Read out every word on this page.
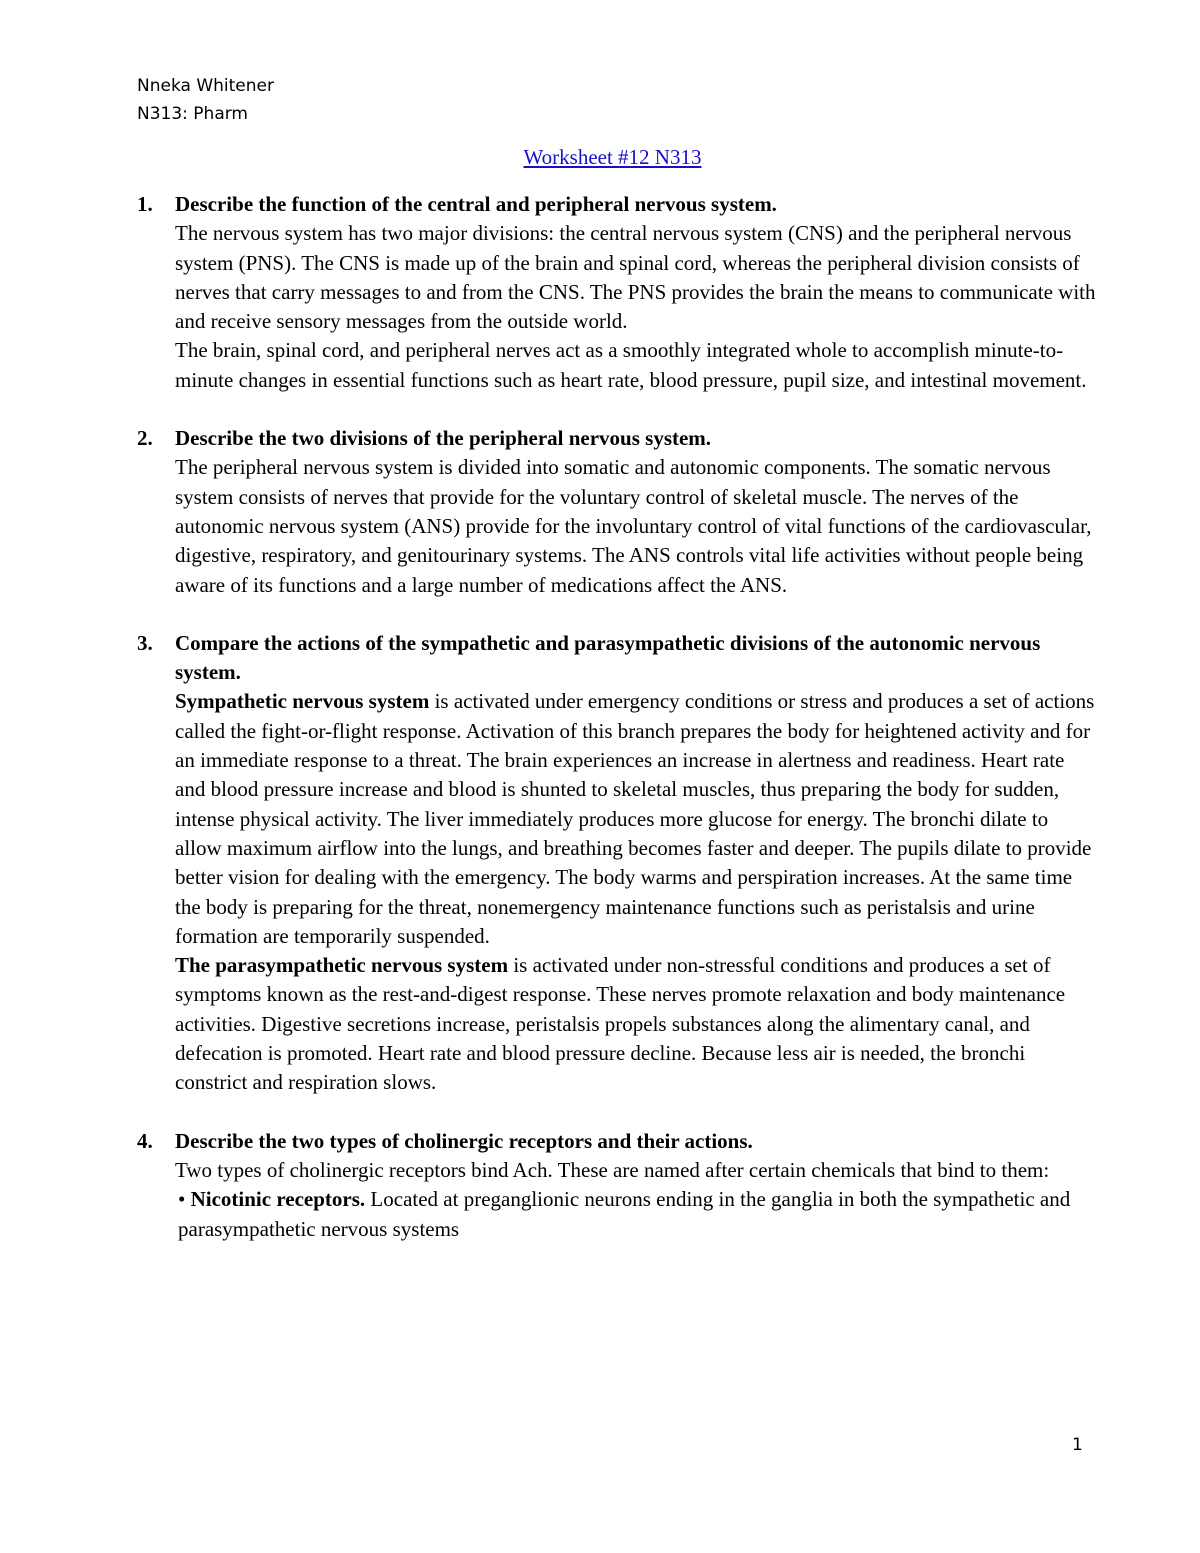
Nneka Whitener
N313: Pharm
Worksheet #12 N313
1. Describe the function of the central and peripheral nervous system.
The nervous system has two major divisions: the central nervous system (CNS) and the peripheral nervous system (PNS). The CNS is made up of the brain and spinal cord, whereas the peripheral division consists of nerves that carry messages to and from the CNS. The PNS provides the brain the means to communicate with and receive sensory messages from the outside world.
The brain, spinal cord, and peripheral nerves act as a smoothly integrated whole to accomplish minute-to-minute changes in essential functions such as heart rate, blood pressure, pupil size, and intestinal movement.
2. Describe the two divisions of the peripheral nervous system.
The peripheral nervous system is divided into somatic and autonomic components. The somatic nervous system consists of nerves that provide for the voluntary control of skeletal muscle. The nerves of the autonomic nervous system (ANS) provide for the involuntary control of vital functions of the cardiovascular, digestive, respiratory, and genitourinary systems. The ANS controls vital life activities without people being aware of its functions and a large number of medications affect the ANS.
3. Compare the actions of the sympathetic and parasympathetic divisions of the autonomic nervous system.
Sympathetic nervous system is activated under emergency conditions or stress and produces a set of actions called the fight-or-flight response. Activation of this branch prepares the body for heightened activity and for an immediate response to a threat. The brain experiences an increase in alertness and readiness. Heart rate and blood pressure increase and blood is shunted to skeletal muscles, thus preparing the body for sudden, intense physical activity. The liver immediately produces more glucose for energy. The bronchi dilate to allow maximum airflow into the lungs, and breathing becomes faster and deeper. The pupils dilate to provide better vision for dealing with the emergency. The body warms and perspiration increases. At the same time the body is preparing for the threat, nonemergency maintenance functions such as peristalsis and urine formation are temporarily suspended.
The parasympathetic nervous system is activated under non-stressful conditions and produces a set of symptoms known as the rest-and-digest response. These nerves promote relaxation and body maintenance activities. Digestive secretions increase, peristalsis propels substances along the alimentary canal, and defecation is promoted. Heart rate and blood pressure decline. Because less air is needed, the bronchi constrict and respiration slows.
4. Describe the two types of cholinergic receptors and their actions.
Two types of cholinergic receptors bind Ach. These are named after certain chemicals that bind to them:
• Nicotinic receptors. Located at preganglionic neurons ending in the ganglia in both the sympathetic and parasympathetic nervous systems
1
